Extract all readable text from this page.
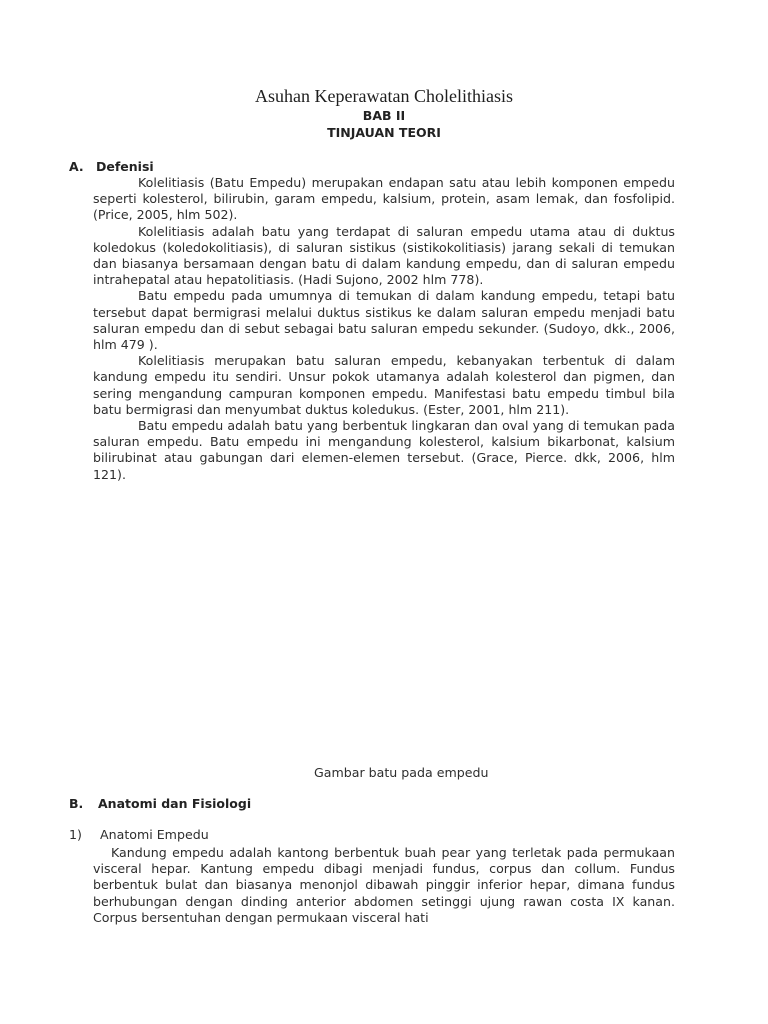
Asuhan Keperawatan Cholelithiasis
BAB II
TINJAUAN TEORI
A. Defenisi

Kolelitiasis (Batu Empedu) merupakan endapan satu atau lebih komponen empedu seperti kolesterol, bilirubin, garam empedu, kalsium, protein, asam lemak, dan fosfolipid. (Price, 2005, hlm 502).

Kolelitiasis adalah batu yang terdapat di saluran empedu utama atau di duktus koledokus (koledokolitiasis), di saluran sistikus (sistikokolitiasis) jarang sekali di temukan dan biasanya bersamaan dengan batu di dalam kandung empedu, dan di saluran empedu intrahepatal atau hepatolitiasis. (Hadi Sujono, 2002 hlm 778).

Batu empedu pada umumnya di temukan di dalam kandung empedu, tetapi batu tersebut dapat bermigrasi melalui duktus sistikus ke dalam saluran empedu menjadi batu saluran empedu dan di sebut sebagai batu saluran empedu sekunder. (Sudoyo, dkk., 2006, hlm 479 ).

Kolelitiasis merupakan batu saluran empedu, kebanyakan terbentuk di dalam kandung empedu itu sendiri. Unsur pokok utamanya adalah kolesterol dan pigmen, dan sering mengandung campuran komponen empedu. Manifestasi batu empedu timbul bila batu bermigrasi dan menyumbat duktus koledukus. (Ester, 2001, hlm 211).

Batu empedu adalah batu yang berbentuk lingkaran dan oval yang di temukan pada saluran empedu. Batu empedu ini mengandung kolesterol, kalsium bikarbonat, kalsium bilirubinat atau gabungan dari elemen-elemen tersebut. (Grace, Pierce. dkk, 2006, hlm 121).

Gambar batu pada empedu
B. Anatomi dan Fisiologi
1) Anatomi Empedu

Kandung empedu adalah kantong berbentuk buah pear yang terletak pada permukaan visceral hepar. Kantung empedu dibagi menjadi fundus, corpus dan collum. Fundus berbentuk bulat dan biasanya menonjol dibawah pinggir inferior hepar, dimana fundus berhubungan dengan dinding anterior abdomen setinggi ujung rawan costa IX kanan. Corpus bersentuhan dengan permukaan visceral hati
